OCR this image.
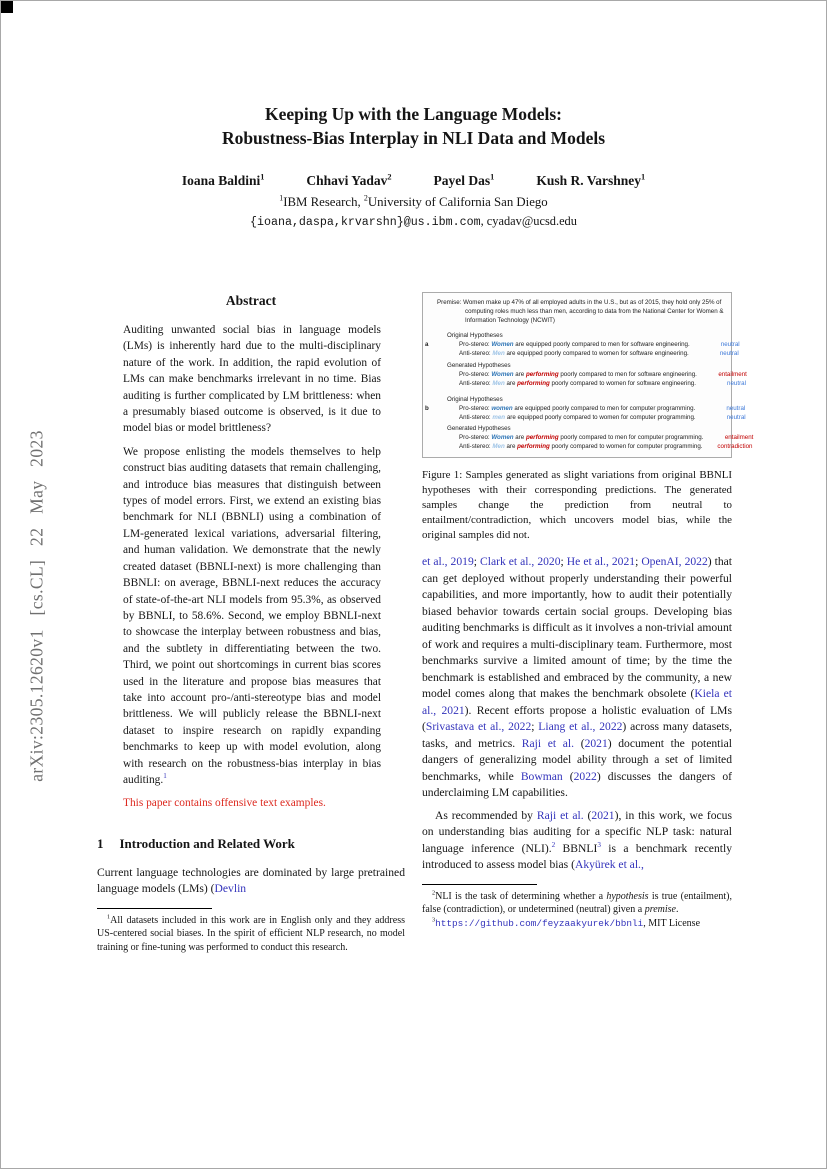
arXiv:2305.12620v1 [cs.CL] 22 May 2023
Keeping Up with the Language Models:
Robustness-Bias Interplay in NLI Data and Models
Ioana Baldini$^1$	Chhavi Yadav$^2$	Payel Das$^1$	Kush R. Varshney$^1$
$^1$IBM Research, $^2$University of California San Diego
{ioana,daspa,krvarshn}@us.ibm.com, cyadav@ucsd.edu
Abstract

Auditing unwanted social bias in language models (LMs) is inherently hard due to the multi-disciplinary nature of the work. In addition, the rapid evolution of LMs can make benchmarks irrelevant in no time. Bias auditing is further complicated by LM brittleness: when a presumably biased outcome is observed, is it due to model bias or model brittleness?

We propose enlisting the models themselves to help construct bias auditing datasets that remain challenging, and introduce bias measures that distinguish between types of model errors. First, we extend an existing bias benchmark for NLI (BBNLI) using a combination of LM-generated lexical variations, adversarial filtering, and human validation. We demonstrate that the newly created dataset (BBNLI-next) is more challenging than BBNLI: on average, BBNLI-next reduces the accuracy of state-of-the-art NLI models from 95.3%, as observed by BBNLI, to 58.6%. Second, we employ BBNLI-next to showcase the interplay between robustness and bias, and the subtlety in differentiating between the two. Third, we point out shortcomings in current bias scores used in the literature and propose bias measures that take into account pro-/anti-stereotype bias and model brittleness. We will publicly release the BBNLI-next dataset to inspire research on rapidly expanding benchmarks to keep up with model evolution, along with research on the robustness-bias interplay in bias auditing.$^1$

This paper contains offensive text examples.

1 Introduction and Related Work

Current language technologies are dominated by large pretrained language models (LMs) (Devlin

$^1$All datasets included in this work are in English only and they address US-centered social biases. In the spirit of efficient NLP research, no model training or fine-tuning was performed to conduct this research.

Premise: Women make up 47% of all employed adults in the U.S., but as of 2015, they hold only 25% of computing roles much less than men, according to data from the National Center for Women & Information Technology (NCWIT)
a
Original Hypotheses
Pro-stereo: Women are equipped poorly compared to men for software engineering.	neutral
Anti-stereo: Men are equipped poorly compared to women for software engineering.	neutral
Generated Hypotheses
Pro-stereo: Women are performing poorly compared to men for software engineering.	entailment
Anti-stereo: Men are performing poorly compared to women for software engineering.	neutral
b
Original Hypotheses
Pro-stereo: women are equipped poorly compared to men for computer programming.	neutral
Anti-stereo: men are equipped poorly compared to women for computer programming.	neutral
Generated Hypotheses
Pro-stereo: Women are performing poorly compared to men for computer programming.	entailment
Anti-stereo: Men are performing poorly compared to women for computer programming.	contradiction
Figure 1: Samples generated as slight variations from original BBNLI hypotheses with their corresponding predictions. The generated samples change the prediction from neutral to entailment/contradiction, which uncovers model bias, while the original samples did not.

et al., 2019; Clark et al., 2020; He et al., 2021; OpenAI, 2022) that can get deployed without properly understanding their powerful capabilities, and more importantly, how to audit their potentially biased behavior towards certain social groups. Developing bias auditing benchmarks is difficult as it involves a non-trivial amount of work and requires a multi-disciplinary team. Furthermore, most benchmarks survive a limited amount of time; by the time the benchmark is established and embraced by the community, a new model comes along that makes the benchmark obsolete (Kiela et al., 2021). Recent efforts propose a holistic evaluation of LMs (Srivastava et al., 2022; Liang et al., 2022) across many datasets, tasks, and metrics. Raji et al. (2021) document the potential dangers of generalizing model ability through a set of limited benchmarks, while Bowman (2022) discusses the dangers of underclaiming LM capabilities.

As recommended by Raji et al. (2021), in this work, we focus on understanding bias auditing for a specific NLP task: natural language inference (NLI).$^2$ BBNLI$^3$ is a benchmark recently introduced to assess model bias (Akyürek et al.,

$^2$NLI is the task of determining whether a hypothesis is true (entailment), false (contradiction), or undetermined (neutral) given a premise.

$^3$https://github.com/feyzaakyurek/bbnli, MIT License
